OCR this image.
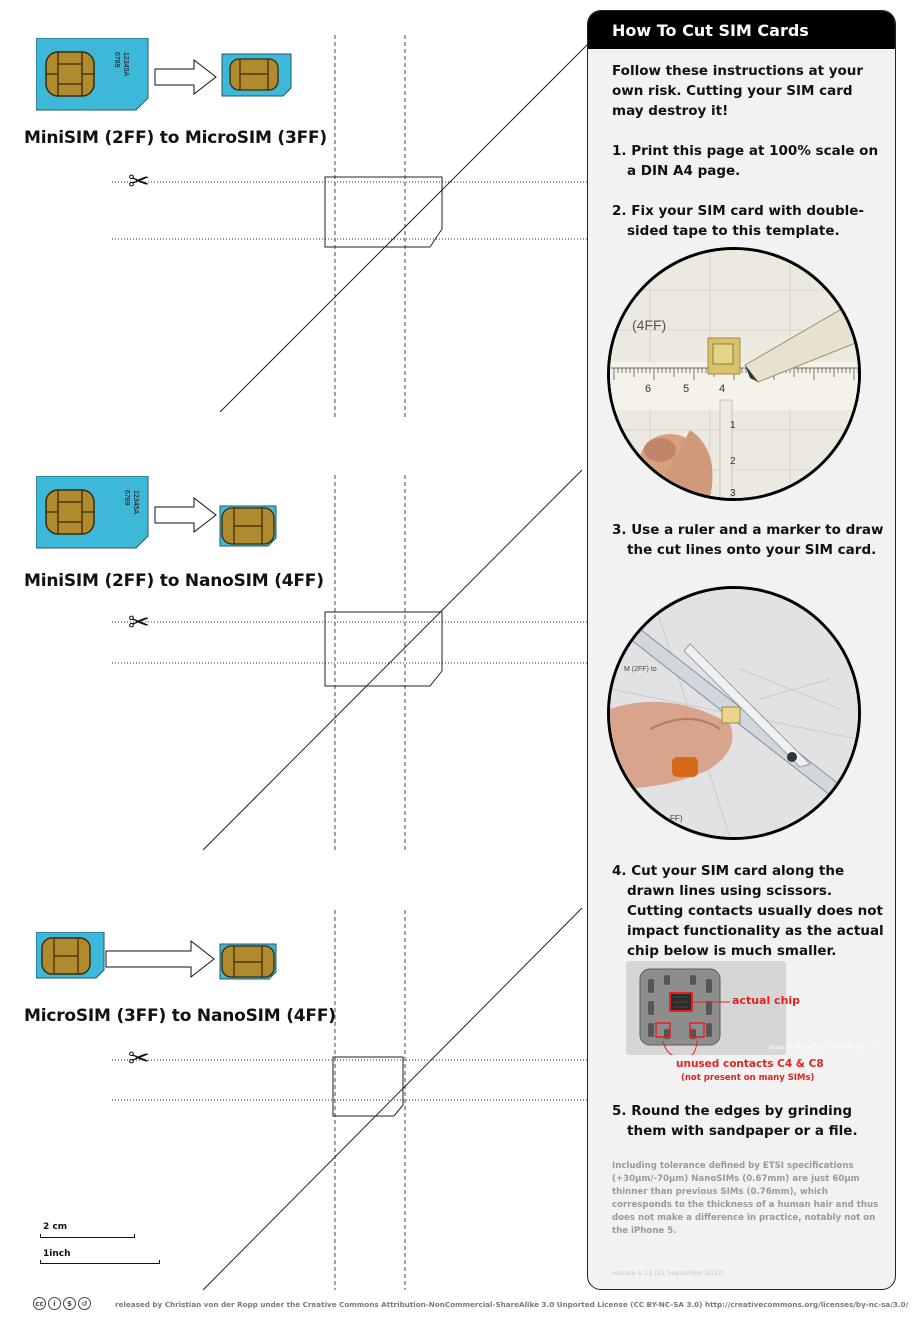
12345A
6789
MiniSIM (2FF) to MicroSIM (3FF)
✂
12345A
6789
MiniSIM (2FF) to NanoSIM (4FF)
✂
MicroSIM (3FF) to NanoSIM (4FF)
✂
2 cm
1inch
How To Cut SIM Cards
Follow these instructions at your own risk. Cutting your SIM card may destroy it!
1. Print this page at 100% scale on a DIN A4 page.
2. Fix your SIM card with double-sided tape to this template.
(4FF)
6	5	4
1
2
3
3. Use a ruler and a marker to draw the cut lines onto your SIM card.
M (2FF) to
FF)
4. Cut your SIM card along the drawn lines using scissors. Cutting contacts usually does not impact functionality as the actual chip below is much smaller.
actual chip
photo: © SecretDisc (CC BY-NC-SA 3.0)
unused contacts C4 & C8
(not present on many SIMs)
5. Round the edges by grinding them with sandpaper or a file.
Including tolerance defined by ETSI specifications (+30μm/-70μm) NanoSIMs (0.67mm) are just 60μm thinner than previous SIMs (0.76mm), which corresponds to the thickness of a human hair and thus does not make a difference in practice, notably not on the iPhone 5.
release 1.11 (21 September 2012)
cc	i	$	↺	released by Christian von der Ropp under the Creative Commons Attribution-NonCommercial-ShareAlike 3.0 Unported License (CC BY-NC-SA 3.0) http://creativecommons.org/licenses/by-nc-sa/3.0/
